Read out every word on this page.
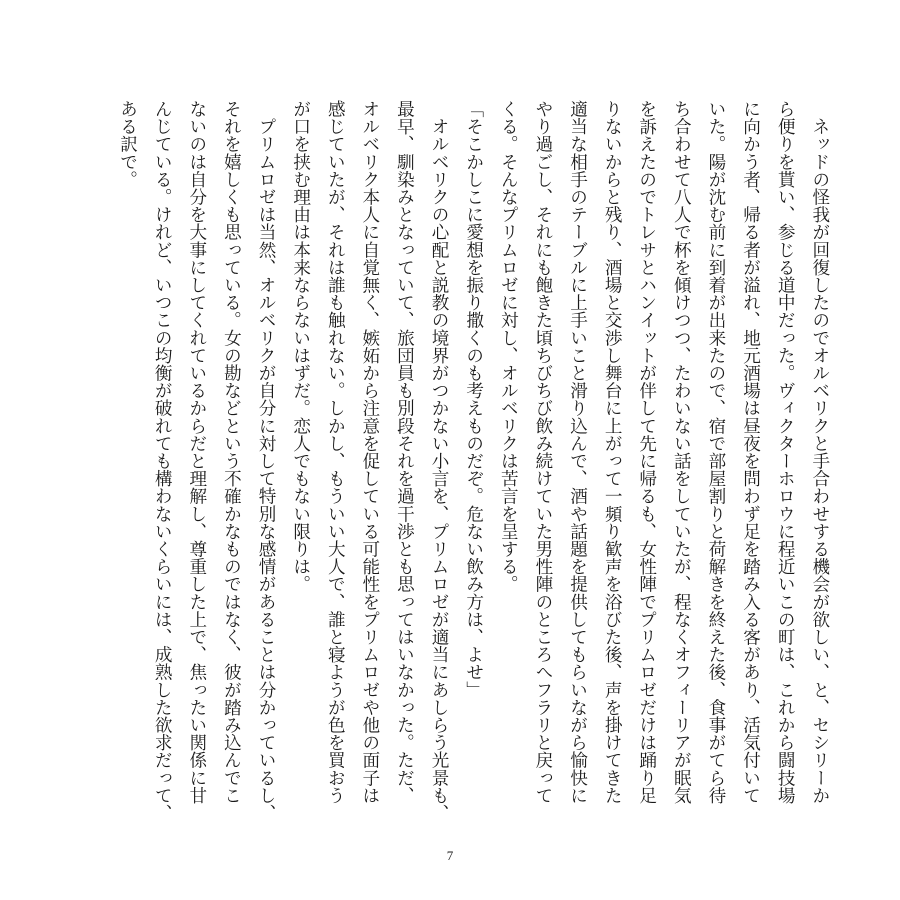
　ネッドの怪我が回復したのでオルベリクと手合わせする機会が欲しい、と、セシリーか
ら便りを貰い、参じる道中だった。ヴィクターホロウに程近いこの町は、これから闘技場
に向かう者、帰る者が溢れ、地元酒場は昼夜を問わず足を踏み入る客があり、活気付いて
いた。陽が沈む前に到着が出来たので、宿で部屋割りと荷解きを終えた後、食事がてら待
ち合わせて八人で杯を傾けつつ、たわいない話をしていたが、程なくオフィーリアが眠気
を訴えたのでトレサとハンイットが伴して先に帰るも、女性陣でプリムロゼだけは踊り足
りないからと残り、酒場と交渉し舞台に上がって一頻り歓声を浴びた後、声を掛けてきた
適当な相手のテーブルに上手いこと滑り込んで、酒や話題を提供してもらいながら愉快に
やり過ごし、それにも飽きた頃ちびちび飲み続けていた男性陣のところへフラリと戻って
くる。そんなプリムロゼに対し、オルベリクは苦言を呈する。
「そこかしこに愛想を振り撒くのも考えものだぞ。危ない飲み方は、よせ」
　オルベリクの心配と説教の境界がつかない小言を、プリムロゼが適当にあしらう光景も、
最早、馴染みとなっていて、旅団員も別段それを過干渉とも思ってはいなかった。ただ、
オルベリク本人に自覚無く、嫉妬から注意を促している可能性をプリムロゼや他の面子は
感じていたが、それは誰も触れない。しかし、もういい大人で、誰と寝ようが色を買おう
が口を挟む理由は本来ならないはずだ。恋人でもない限りは。
　プリムロゼは当然、オルベリクが自分に対して特別な感情があることは分かっているし、
それを嬉しくも思っている。女の勘などという不確かなものではなく、彼が踏み込んでこ
ないのは自分を大事にしてくれているからだと理解し、尊重した上で、焦ったい関係に甘
んじている。けれど、いつこの均衡が破れても構わないくらいには、成熟した欲求だって、
ある訳で。
7
